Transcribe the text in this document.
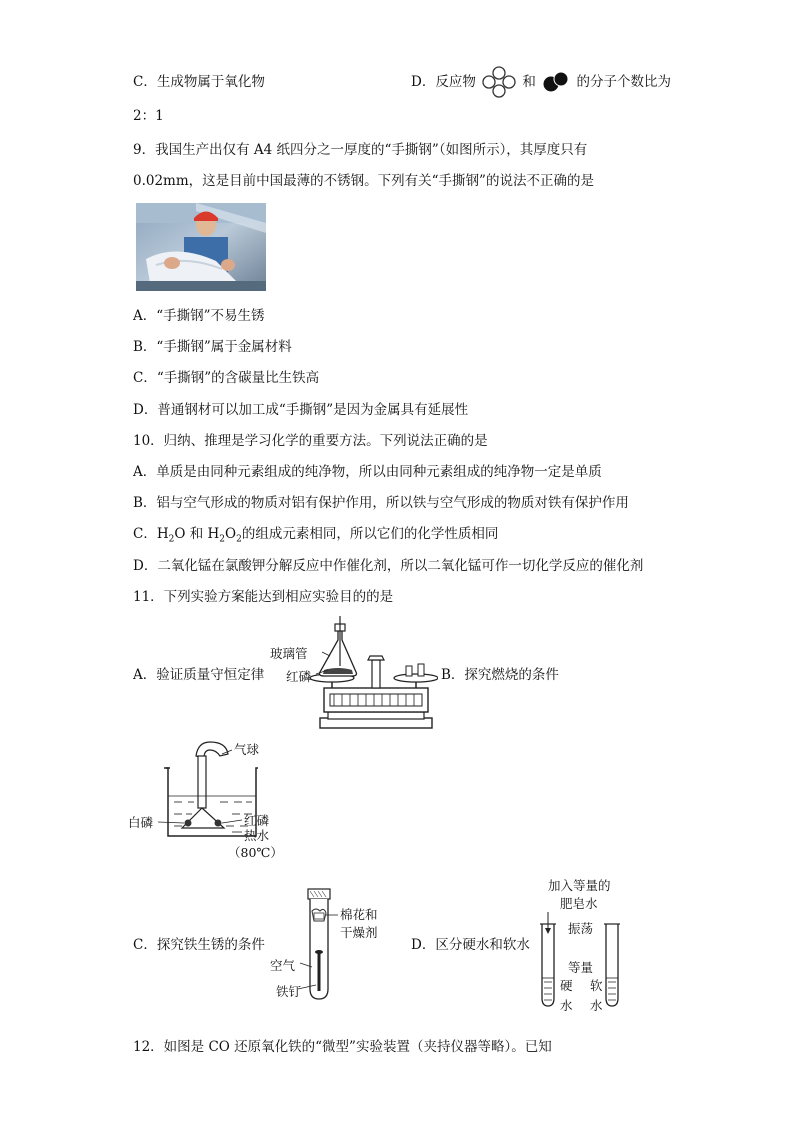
C．生成物属于氧化物	D．反应物	和	的分子个数比为
2：1
9．我国生产出仅有 A4 纸四分之一厚度的“手撕钢”（如图所示），其厚度只有
0.02mm，这是目前中国最薄的不锈钢。下列有关“手撕钢”的说法不正确的是
A．“手撕钢”不易生锈
B．“手撕钢”属于金属材料
C．“手撕钢”的含碳量比生铁高
D．普通钢材可以加工成“手撕钢”是因为金属具有延展性
10．归纳、推理是学习化学的重要方法。下列说法正确的是
A．单质是由同种元素组成的纯净物，所以由同种元素组成的纯净物一定是单质
B．铝与空气形成的物质对铝有保护作用，所以铁与空气形成的物质对铁有保护作用
C．$H_2O$ 和 $H_2O_2$的组成元素相同，所以它们的化学性质相同
D．二氧化锰在氯酸钾分解反应中作催化剂，所以二氧化锰可作一切化学反应的催化剂
11．下列实验方案能达到相应实验目的的是
A．验证质量守恒定律	B．探究燃烧的条件
玻璃管
红磷
气球
白磷	红磷
热水
（80℃）
C．探究铁生锈的条件	D．区分硬水和软水
棉花和
干燥剂
空气
铁钉
加入等量的
肥皂水
振荡
等量
硬
水
软
水
12．如图是 CO 还原氧化铁的“微型”实验装置（夹持仪器等略）。已知
